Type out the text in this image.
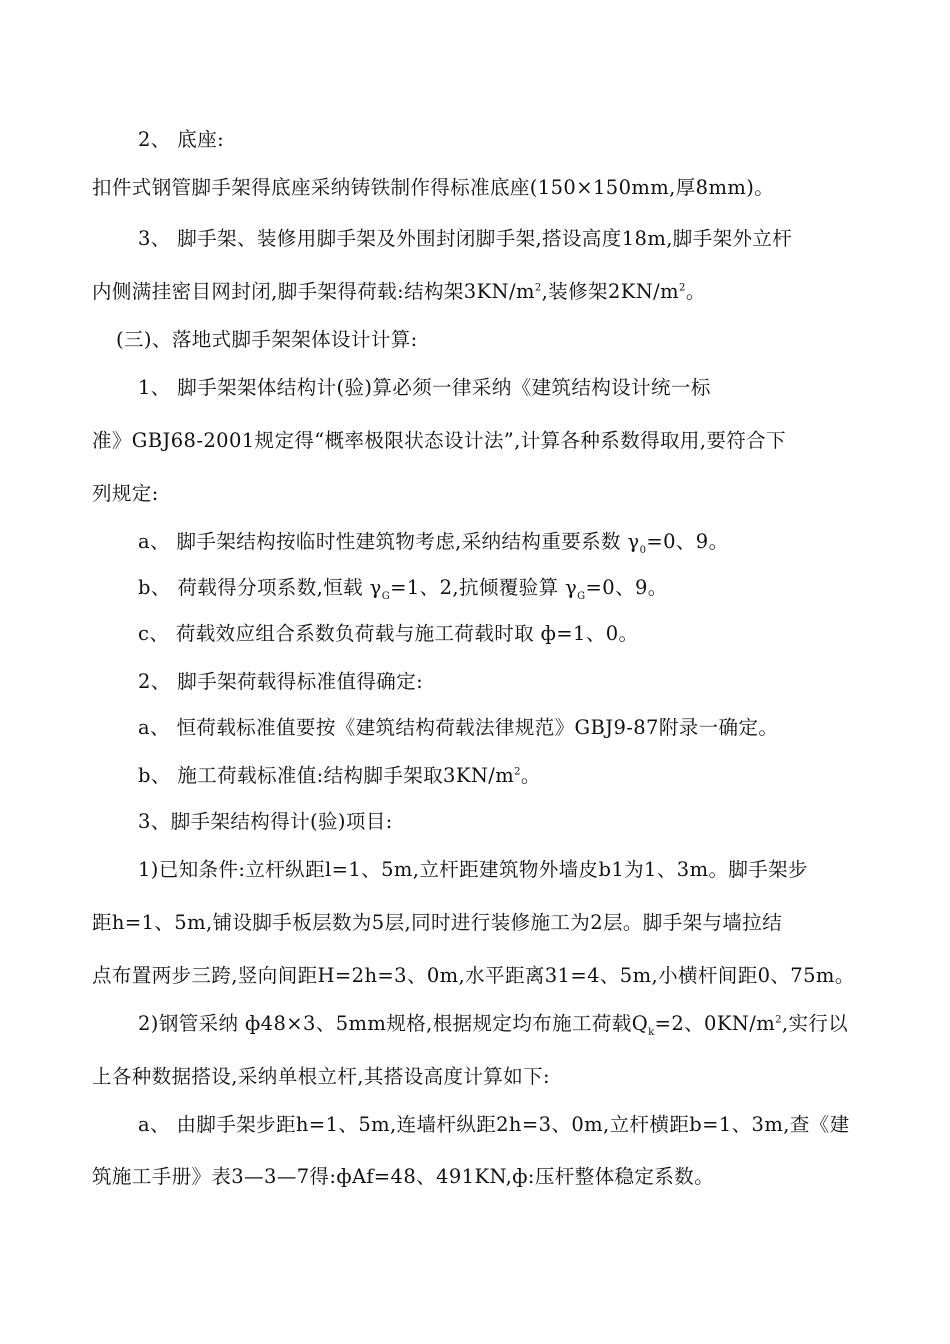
2、 底座:
扣件式钢管脚手架得底座采纳铸铁制作得标准底座(150×150mm,厚8mm)。
3、 脚手架、装修用脚手架及外围封闭脚手架,搭设高度18m,脚手架外立杆
内侧满挂密目网封闭,脚手架得荷载:结构架$3KN/m^2$,装修架$2KN/m^2$。
(三)、落地式脚手架架体设计计算:
1、 脚手架架体结构计(验)算必须一律采纳《建筑结构设计统一标
准》GBJ68-2001规定得“概率极限状态设计法”,计算各种系数得取用,要符合下
列规定:
a、 脚手架结构按临时性建筑物考虑,采纳结构重要系数 $\gamma_0=0$、9。
b、 荷载得分项系数,恒载 $\gamma_G=1$、2,抗倾覆验算 $\gamma_G=0$、9。
c、 荷载效应组合系数负荷载与施工荷载时取 ф=1、0。
2、 脚手架荷载得标准值得确定:
a、 恒荷载标准值要按《建筑结构荷载法律规范》GBJ9-87附录一确定。
b、 施工荷载标准值:结构脚手架取$3KN/m^2$。
3、脚手架结构得计(验)项目:
1)已知条件:立杆纵距l=1、5m,立杆距建筑物外墙皮b1为1、3m。脚手架步
距h=1、5m,铺设脚手板层数为5层,同时进行装修施工为2层。脚手架与墙拉结
点布置两步三跨,竖向间距H=2h=3、0m,水平距离31=4、5m,小横杆间距0、75m。
2)钢管采纳 ф48×3、5mm规格,根据规定均布施工荷载$Q_k=2$、$0KN/m^2$,实行以
上各种数据搭设,采纳单根立杆,其搭设高度计算如下:
a、 由脚手架步距h=1、5m,连墙杆纵距2h=3、0m,立杆横距b=1、3m,查《建
筑施工手册》表3—3—7得:фAf=48、491KN,ф:压杆整体稳定系数。
